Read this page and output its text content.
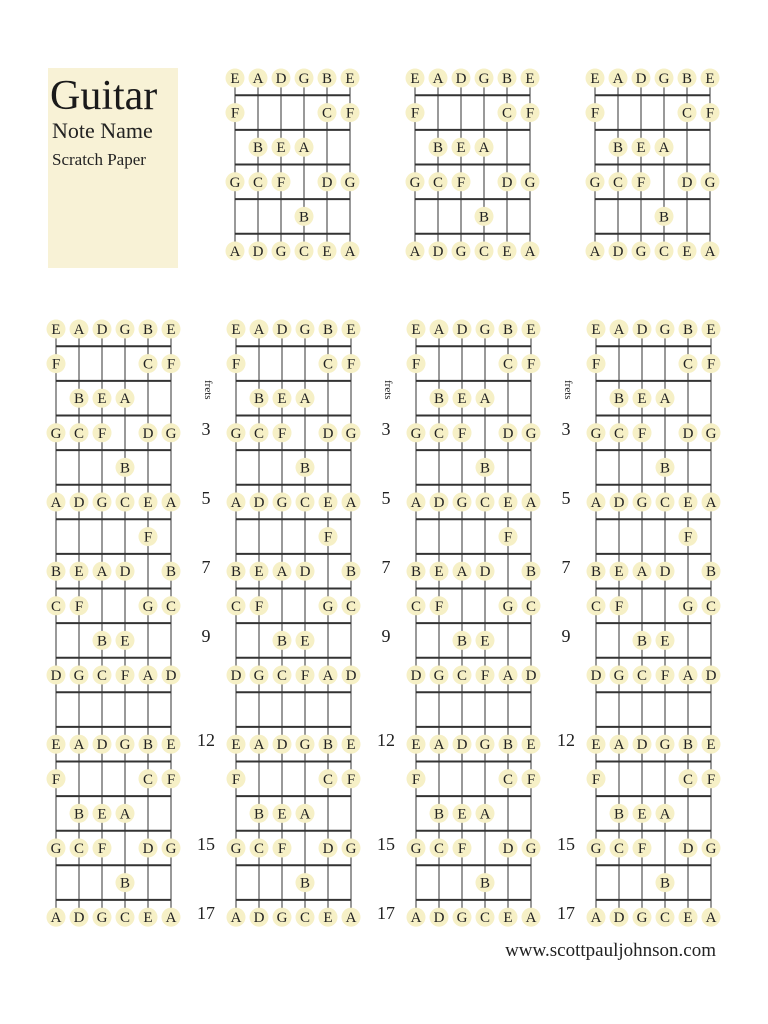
Guitar
Note Name
Scratch Paper
E A D G B E
F	C F
B E A
G C F D G
B
A D G C E A
E A D G B E
F	C F
B E A
G C F D G
B
A D G C E A
E A D G B E
F	C F
B E A
G C F D G
B
A D G C E A
E A D G B E
F	C F
B E A
G C F D G
B
A D G C E A
F
B E A D B
C F	G C
B E
D G C F A D
E A D G B E
F	C F
B E A
G C F D G
B
A D G C E A
E A D G B E
F	C F
B E A
G C F D G
B
A D G C E A
F
B E A D B
C F	G C
B E
D G C F A D
E A D G B E
F	C F
B E A
G C F D G
B
A D G C E A
E A D G B E
F	C F
B E A
G C F D G
B
A D G C E A
F
B E A D B
C F	G C
B E
D G C F A D
E A D G B E
F	C F
B E A
G C F D G
B
A D G C E A
E A D G B E
F	C F
B E A
G C F D G
B
A D G C E A
F
B E A D B
C F	G C
B E
D G C F A D
E A D G B E
F	C F
B E A
G C F D G
B
A D G C E A
frets
3
5
7
9
12
15
17
frets
3
5
7
9
12
15
17
frets
3
5
7
9
12
15
17
www.scottpauljohnson.com
